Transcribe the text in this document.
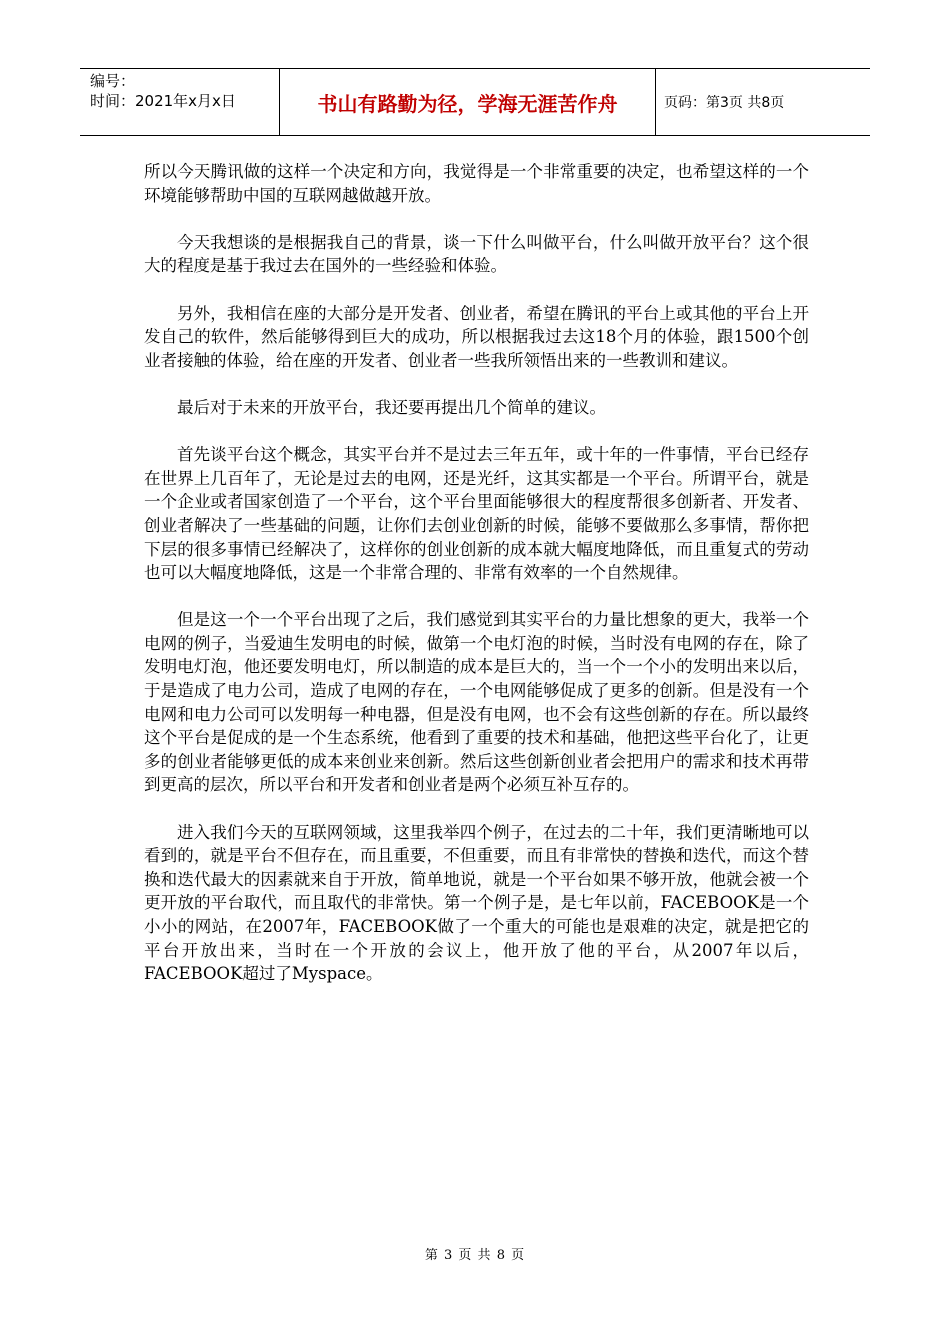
编号：
时间：2021年x月x日	书山有路勤为径，学海无涯苦作舟	页码：第3页 共8页

所以今天腾讯做的这样一个决定和方向，我觉得是一个非常重要的决定，也希望这样的一个环境能够帮助中国的互联网越做越开放。

今天我想谈的是根据我自己的背景，谈一下什么叫做平台，什么叫做开放平台？这个很大的程度是基于我过去在国外的一些经验和体验。

另外，我相信在座的大部分是开发者、创业者，希望在腾讯的平台上或其他的平台上开发自己的软件，然后能够得到巨大的成功，所以根据我过去这18个月的体验，跟1500个创业者接触的体验，给在座的开发者、创业者一些我所领悟出来的一些教训和建议。

最后对于未来的开放平台，我还要再提出几个简单的建议。

首先谈平台这个概念，其实平台并不是过去三年五年，或十年的一件事情，平台已经存在世界上几百年了，无论是过去的电网，还是光纤，这其实都是一个平台。所谓平台，就是一个企业或者国家创造了一个平台，这个平台里面能够很大的程度帮很多创新者、开发者、创业者解决了一些基础的问题，让你们去创业创新的时候，能够不要做那么多事情，帮你把下层的很多事情已经解决了，这样你的创业创新的成本就大幅度地降低，而且重复式的劳动也可以大幅度地降低，这是一个非常合理的、非常有效率的一个自然规律。

但是这一个一个平台出现了之后，我们感觉到其实平台的力量比想象的更大，我举一个电网的例子，当爱迪生发明电的时候，做第一个电灯泡的时候，当时没有电网的存在，除了发明电灯泡，他还要发明电灯，所以制造的成本是巨大的，当一个一个小的发明出来以后，于是造成了电力公司，造成了电网的存在，一个电网能够促成了更多的创新。但是没有一个电网和电力公司可以发明每一种电器，但是没有电网，也不会有这些创新的存在。所以最终这个平台是促成的是一个生态系统，他看到了重要的技术和基础，他把这些平台化了，让更多的创业者能够更低的成本来创业来创新。然后这些创新创业者会把用户的需求和技术再带到更高的层次，所以平台和开发者和创业者是两个必须互补互存的。

进入我们今天的互联网领域，这里我举四个例子，在过去的二十年，我们更清晰地可以看到的，就是平台不但存在，而且重要，不但重要，而且有非常快的替换和迭代，而这个替换和迭代最大的因素就来自于开放，简单地说，就是一个平台如果不够开放，他就会被一个更开放的平台取代，而且取代的非常快。第一个例子是，是七年以前，FACEBOOK是一个小小的网站，在2007年，FACEBOOK做了一个重大的可能也是艰难的决定，就是把它的平台开放出来，当时在一个开放的会议上，他开放了他的平台，从2007年以后，FACEBOOK超过了Myspace。

第 3 页 共 8 页
